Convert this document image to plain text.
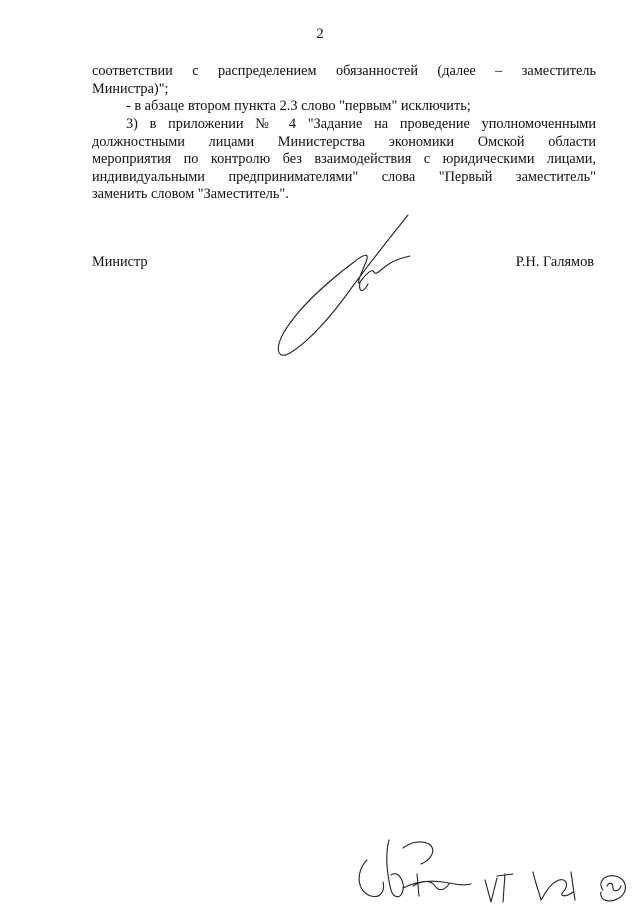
2
соответствии с распределением обязанностей (далее – заместитель
Министра)";
- в абзаце втором пункта 2.3 слово "первым" исключить;
3) в приложении № 4 "Задание на проведение уполномоченными
должностными лицами Министерства экономики Омской области
мероприятия по контролю без взаимодействия с юридическими лицами,
индивидуальными предпринимателями" слова "Первый заместитель"
заменить словом "Заместитель".
Министр	Р.Н. Галямов
